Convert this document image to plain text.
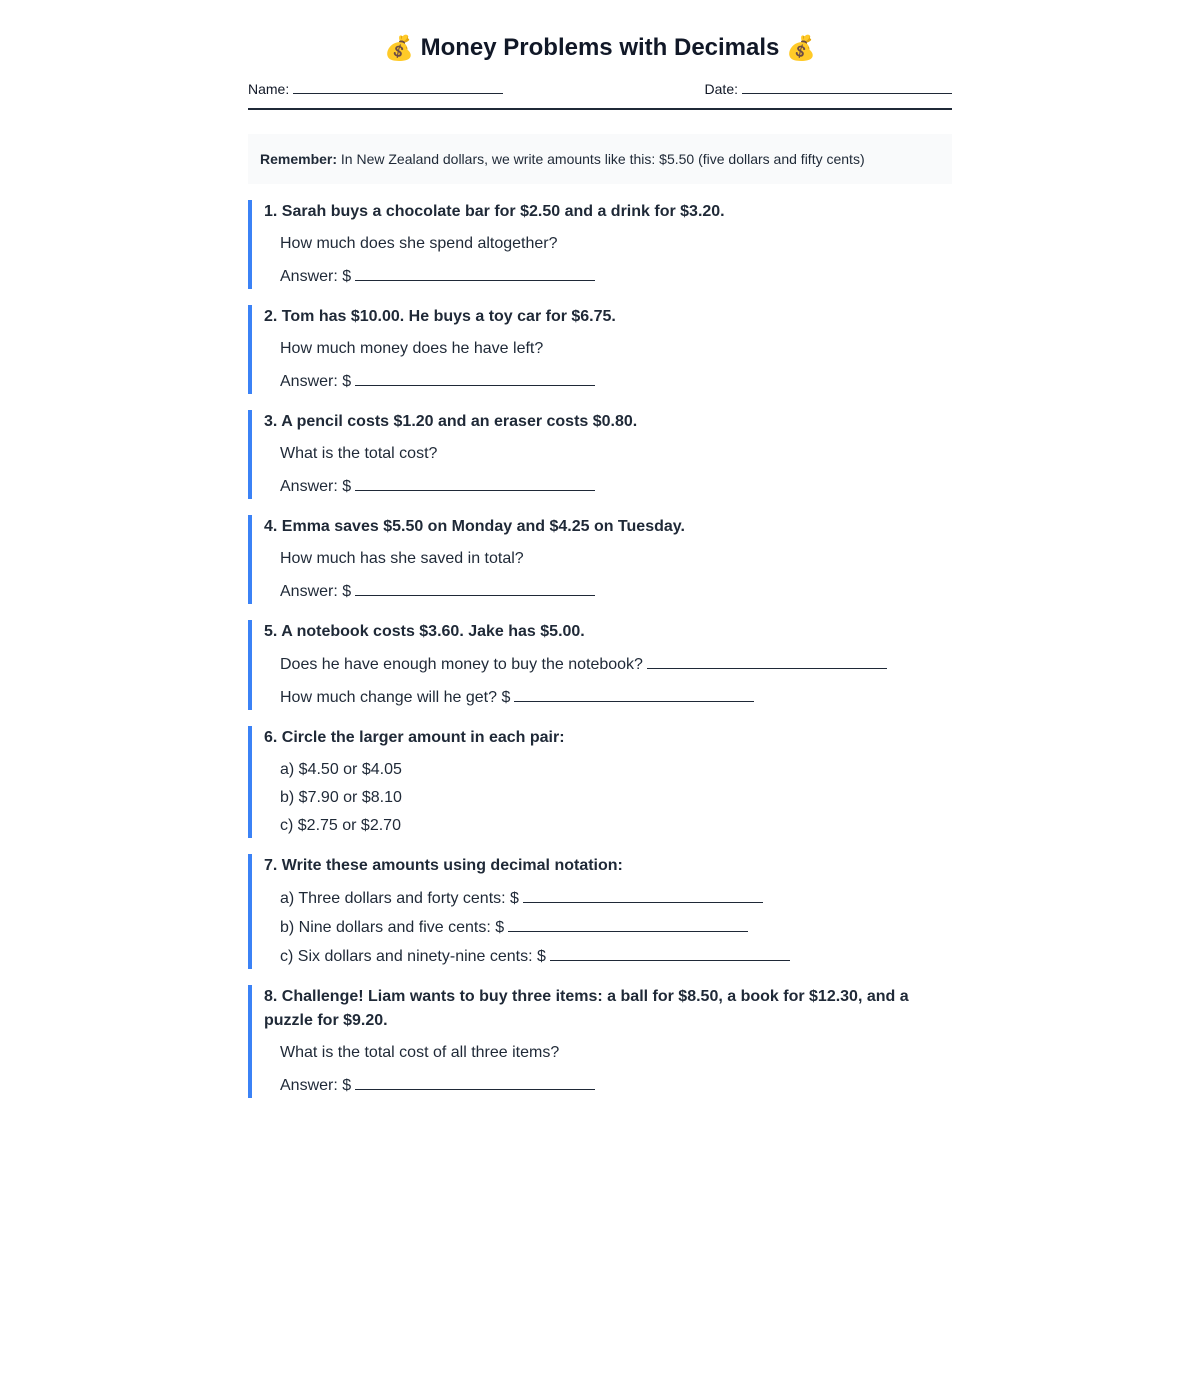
💰 Money Problems with Decimals 💰
Name:	Date:
Remember: In New Zealand dollars, we write amounts like this: $5.50 (five dollars and fifty cents)
1. Sarah buys a chocolate bar for $2.50 and a drink for $3.20.
How much does she spend altogether?
Answer: $
2. Tom has $10.00. He buys a toy car for $6.75.
How much money does he have left?
Answer: $
3. A pencil costs $1.20 and an eraser costs $0.80.
What is the total cost?
Answer: $
4. Emma saves $5.50 on Monday and $4.25 on Tuesday.
How much has she saved in total?
Answer: $
5. A notebook costs $3.60. Jake has $5.00.
Does he have enough money to buy the notebook?
How much change will he get? $
6. Circle the larger amount in each pair:
a) $4.50 or $4.05
b) $7.90 or $8.10
c) $2.75 or $2.70
7. Write these amounts using decimal notation:
a) Three dollars and forty cents: $
b) Nine dollars and five cents: $
c) Six dollars and ninety-nine cents: $
8. Challenge! Liam wants to buy three items: a ball for $8.50, a book for $12.30, and a puzzle for $9.20.
What is the total cost of all three items?
Answer: $
